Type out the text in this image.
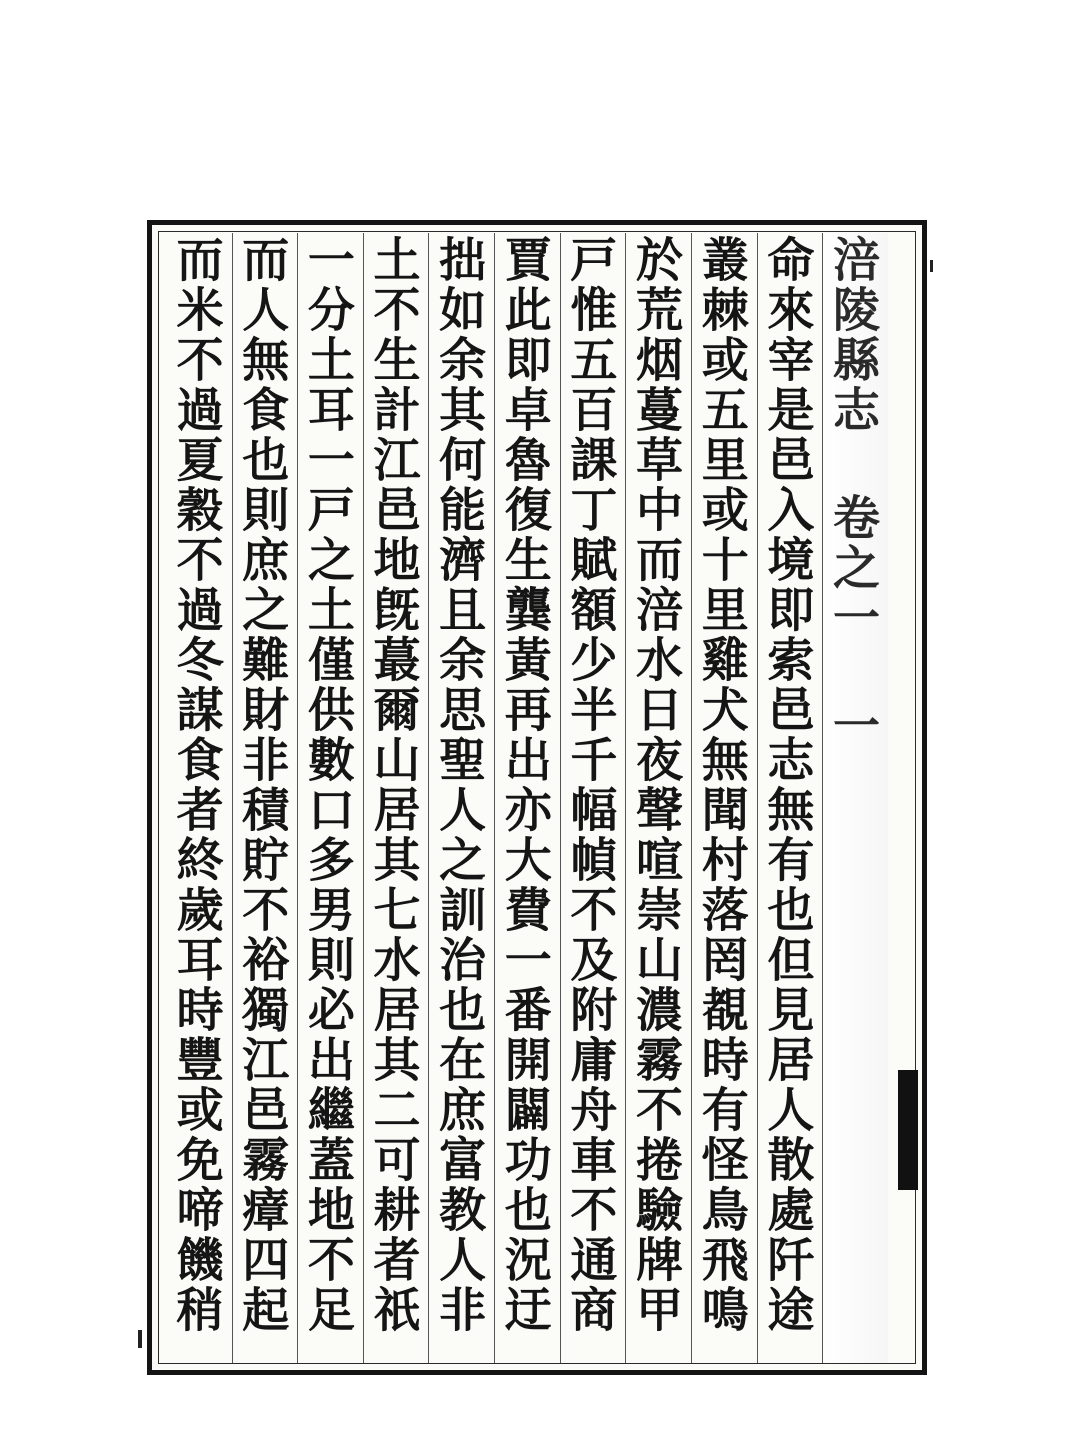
涪陵縣志 卷之一 一
命來宰是邑入境即索邑志無有也但見居人散處阡途
叢棘或五里或十里雞犬無聞村落罔覩時有怪鳥飛鳴
於荒烟蔓草中而涪水日夜聲喧崇山濃霧不捲驗牌甲
戸惟五百課丁賦額少半千幅幀不及附庸舟車不通商
賈此即卓魯復生龔黃再出亦大費一番開闢功也況迂
拙如余其何能濟且余思聖人之訓治也在庶富教人非
土不生計江邑地旣蕞爾山居其七水居其二可耕者祇
一分土耳一戸之土僅供數口多男則必出繼蓋地不足
而人無食也則庶之難財非積貯不裕獨江邑霧瘴四起
而米不過夏穀不過冬謀食者終歲耳時豐或免啼饑稍
